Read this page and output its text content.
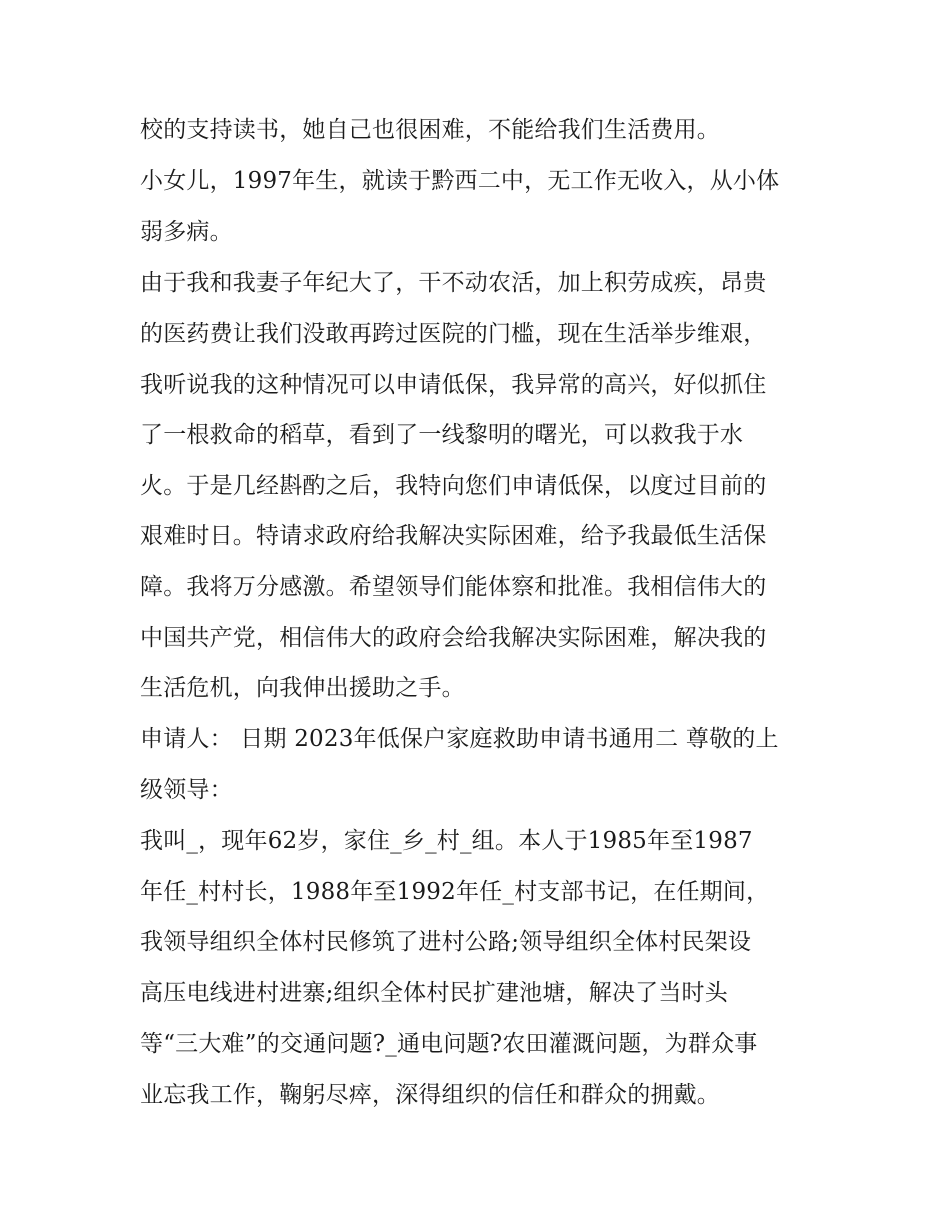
校的支持读书，她自己也很困难，不能给我们生活费用。
小女儿，1997年生，就读于黔西二中，无工作无收入，从小体
弱多病。
由于我和我妻子年纪大了，干不动农活，加上积劳成疾，昂贵
的医药费让我们没敢再跨过医院的门槛，现在生活举步维艰，
我听说我的这种情况可以申请低保，我异常的高兴，好似抓住
了一根救命的稻草，看到了一线黎明的曙光，可以救我于水
火。于是几经斟酌之后，我特向您们申请低保，以度过目前的
艰难时日。特请求政府给我解决实际困难，给予我最低生活保
障。我将万分感激。希望领导们能体察和批准。我相信伟大的
中国共产党，相信伟大的政府会给我解决实际困难，解决我的
生活危机，向我伸出援助之手。
申请人： 日期 2023年低保户家庭救助申请书通用二 尊敬的上
级领导：
我叫_，现年62岁，家住_乡_村_组。本人于1985年至1987
年任_村村长，1988年至1992年任_村支部书记，在任期间，
我领导组织全体村民修筑了进村公路;领导组织全体村民架设
高压电线进村进寨;组织全体村民扩建池塘，解决了当时头
等“三大难”的交通问题?_通电问题?农田灌溉问题，为群众事
业忘我工作，鞠躬尽瘁，深得组织的信任和群众的拥戴。
